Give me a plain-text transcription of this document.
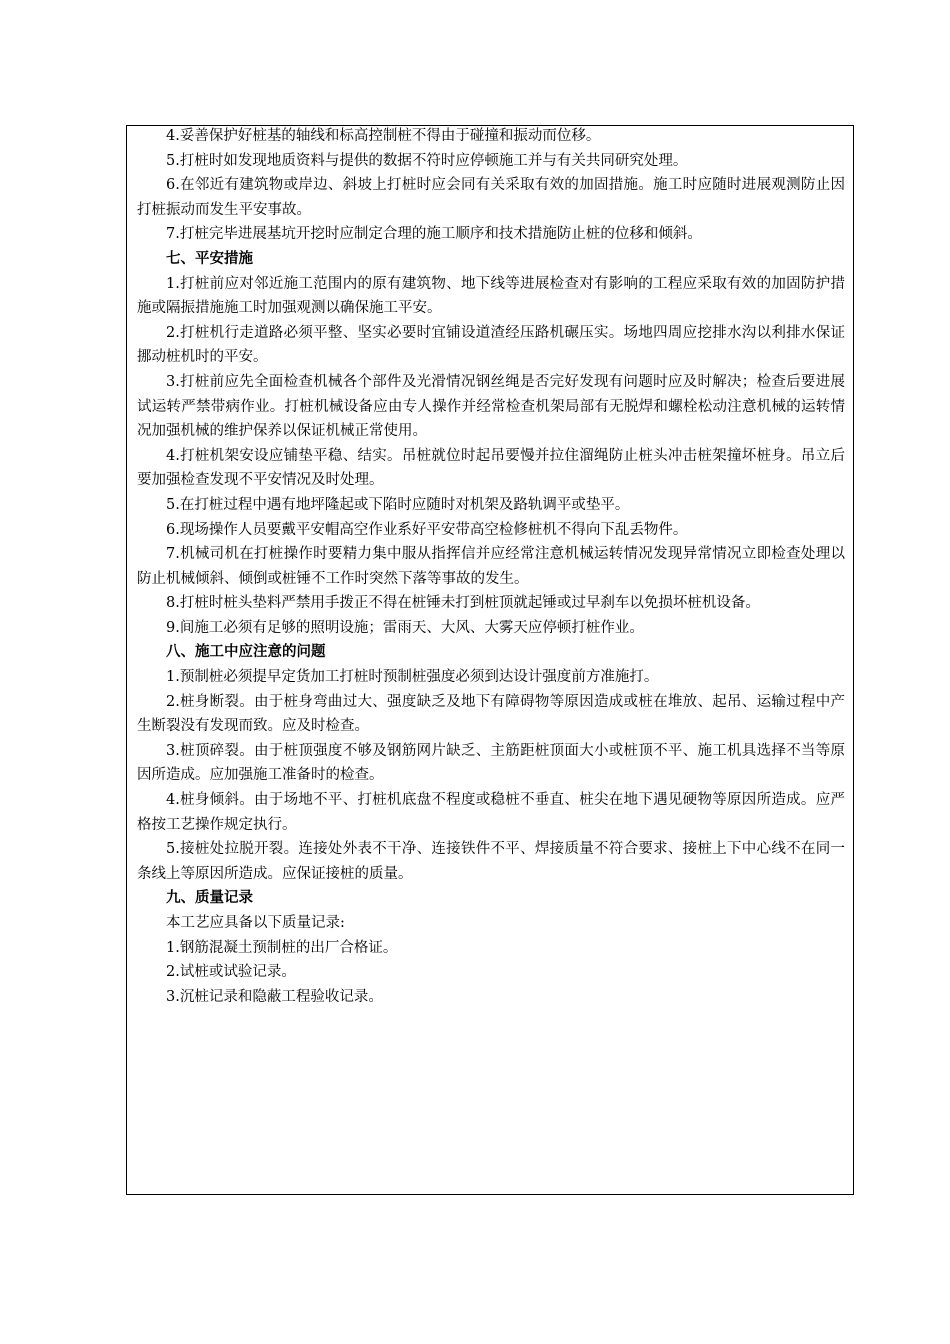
4.妥善保护好桩基的轴线和标高控制桩不得由于碰撞和振动而位移。

5.打桩时如发现地质资料与提供的数据不符时应停顿施工并与有关共同研究处理。

6.在邻近有建筑物或岸边、斜坡上打桩时应会同有关采取有效的加固措施。施工时应随时进展观测防止因打桩振动而发生平安事故。

7.打桩完毕进展基坑开挖时应制定合理的施工顺序和技术措施防止桩的位移和倾斜。

七、平安措施

1.打桩前应对邻近施工范围内的原有建筑物、地下线等进展检查对有影响的工程应采取有效的加固防护措施或隔振措施施工时加强观测以确保施工平安。

2.打桩机行走道路必须平整、坚实必要时宜铺设道渣经压路机碾压实。场地四周应挖排水沟以利排水保证挪动桩机时的平安。

3.打桩前应先全面检查机械各个部件及光滑情况钢丝绳是否完好发现有问题时应及时解决；检查后要进展试运转严禁带病作业。打桩机械设备应由专人操作并经常检查机架局部有无脱焊和螺栓松动注意机械的运转情况加强机械的维护保养以保证机械正常使用。

4.打桩机架安设应铺垫平稳、结实。吊桩就位时起吊要慢并拉住溜绳防止桩头冲击桩架撞坏桩身。吊立后要加强检查发现不平安情况及时处理。

5.在打桩过程中遇有地坪隆起或下陷时应随时对机架及路轨调平或垫平。

6.现场操作人员要戴平安帽高空作业系好平安带高空检修桩机不得向下乱丢物件。

7.机械司机在打桩操作时要精力集中服从指挥信并应经常注意机械运转情况发现异常情况立即检查处理以防止机械倾斜、倾倒或桩锤不工作时突然下落等事故的发生。

8.打桩时桩头垫料严禁用手拨正不得在桩锤未打到桩顶就起锤或过早刹车以免损坏桩机设备。

9.间施工必须有足够的照明设施；雷雨天、大风、大雾天应停顿打桩作业。

八、施工中应注意的问题

1.预制桩必须提早定货加工打桩时预制桩强度必须到达设计强度前方准施打。

2.桩身断裂。由于桩身弯曲过大、强度缺乏及地下有障碍物等原因造成或桩在堆放、起吊、运输过程中产生断裂没有发现而致。应及时检查。

3.桩顶碎裂。由于桩顶强度不够及钢筋网片缺乏、主筋距桩顶面大小或桩顶不平、施工机具选择不当等原因所造成。应加强施工准备时的检查。

4.桩身倾斜。由于场地不平、打桩机底盘不程度或稳桩不垂直、桩尖在地下遇见硬物等原因所造成。应严格按工艺操作规定执行。

5.接桩处拉脱开裂。连接处外表不干净、连接铁件不平、焊接质量不符合要求、接桩上下中心线不在同一条线上等原因所造成。应保证接桩的质量。

九、质量记录

本工艺应具备以下质量记录:

1.钢筋混凝土预制桩的出厂合格证。

2.试桩或试验记录。

3.沉桩记录和隐蔽工程验收记录。
